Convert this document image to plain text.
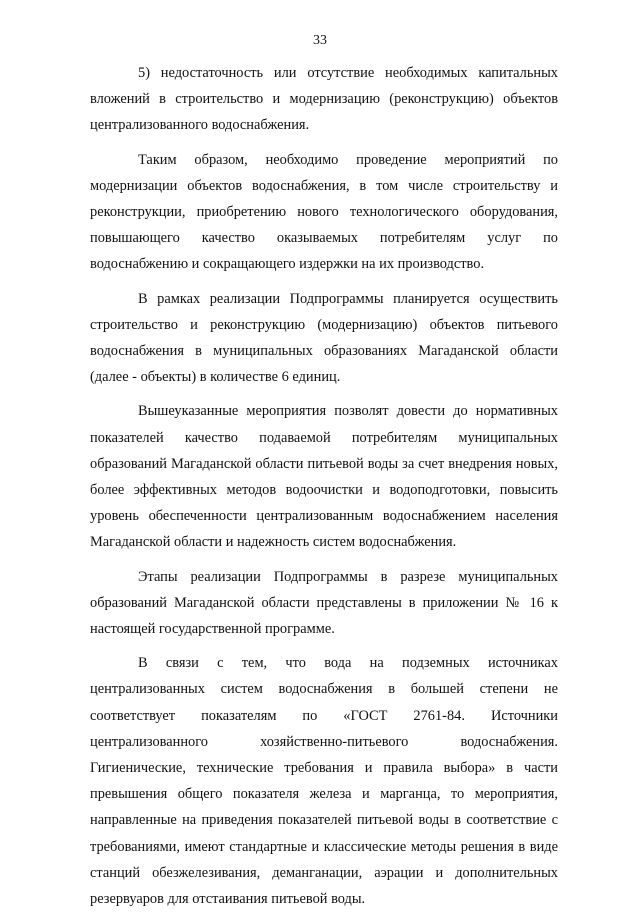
33

5) недостаточность или отсутствие необходимых капитальных вложений в строительство и модернизацию (реконструкцию) объектов централизованного водоснабжения.

Таким образом, необходимо проведение мероприятий по модернизации объектов водоснабжения, в том числе строительству и реконструкции, приобретению нового технологического оборудования, повышающего качество оказываемых потребителям услуг по водоснабжению и сокращающего издержки на их производство.

В рамках реализации Подпрограммы планируется осуществить строительство и реконструкцию (модернизацию) объектов питьевого водоснабжения в муниципальных образованиях Магаданской области (далее - объекты) в количестве 6 единиц.

Вышеуказанные мероприятия позволят довести до нормативных показателей качество подаваемой потребителям муниципальных образований Магаданской области питьевой воды за счет внедрения новых, более эффективных методов водоочистки и водоподготовки, повысить уровень обеспеченности централизованным водоснабжением населения Магаданской области и надежность систем водоснабжения.

Этапы реализации Подпрограммы в разрезе муниципальных образований Магаданской области представлены в приложении № 16 к настоящей государственной программе.

В связи с тем, что вода на подземных источниках централизованных систем водоснабжения в большей степени не соответствует показателям по «ГОСТ 2761-84. Источники централизованного хозяйственно-питьевого водоснабжения. Гигиенические, технические требования и правила выбора» в части превышения общего показателя железа и марганца, то мероприятия, направленные на приведения показателей питьевой воды в соответствие с требованиями, имеют стандартные и классические методы решения в виде станций обезжелезивания, деманганации, аэрации и дополнительных резервуаров для отстаивания питьевой воды.
